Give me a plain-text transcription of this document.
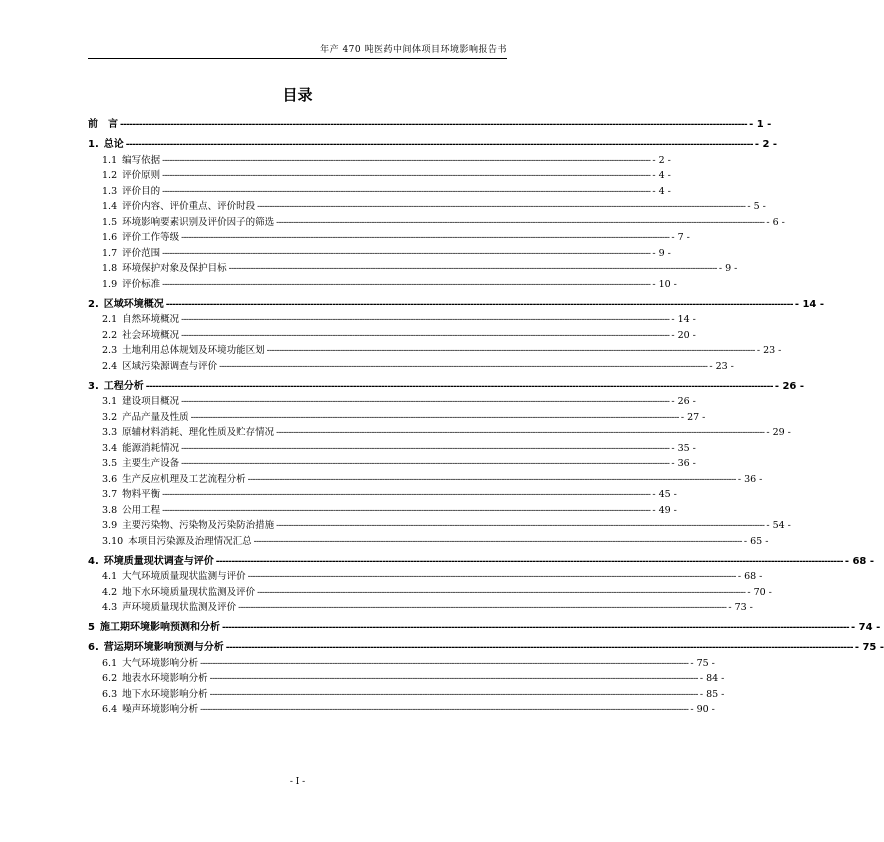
年产 470 吨医药中间体项目环境影响报告书
目录
前　言 -------------------------------------------------------------------------------------------------------------------------------------------------------------------------------------------------------- - 1 -
1. 总论 -------------------------------------------------------------------------------------------------------------------------------------------------------------------------------------------------------- - 2 -
1.1 编写依据 -------------------------------------------------------------------------------------------------------------------------------------------------------------------------------------------------------- - 2 -
1.2 评价原则 -------------------------------------------------------------------------------------------------------------------------------------------------------------------------------------------------------- - 4 -
1.3 评价目的 -------------------------------------------------------------------------------------------------------------------------------------------------------------------------------------------------------- - 4 -
1.4 评价内容、评价重点、评价时段 -------------------------------------------------------------------------------------------------------------------------------------------------------------------------------------------------------- - 5 -
1.5 环境影响要素识别及评价因子的筛选 -------------------------------------------------------------------------------------------------------------------------------------------------------------------------------------------------------- - 6 -
1.6 评价工作等级 -------------------------------------------------------------------------------------------------------------------------------------------------------------------------------------------------------- - 7 -
1.7 评价范围 -------------------------------------------------------------------------------------------------------------------------------------------------------------------------------------------------------- - 9 -
1.8 环境保护对象及保护目标 -------------------------------------------------------------------------------------------------------------------------------------------------------------------------------------------------------- - 9 -
1.9 评价标准 -------------------------------------------------------------------------------------------------------------------------------------------------------------------------------------------------------- - 10 -
2. 区域环境概况 -------------------------------------------------------------------------------------------------------------------------------------------------------------------------------------------------------- - 14 -
2.1 自然环境概况 -------------------------------------------------------------------------------------------------------------------------------------------------------------------------------------------------------- - 14 -
2.2 社会环境概况 -------------------------------------------------------------------------------------------------------------------------------------------------------------------------------------------------------- - 20 -
2.3 土地利用总体规划及环境功能区划 -------------------------------------------------------------------------------------------------------------------------------------------------------------------------------------------------------- - 23 -
2.4 区域污染源调查与评价 -------------------------------------------------------------------------------------------------------------------------------------------------------------------------------------------------------- - 23 -
3. 工程分析 -------------------------------------------------------------------------------------------------------------------------------------------------------------------------------------------------------- - 26 -
3.1 建设项目概况 -------------------------------------------------------------------------------------------------------------------------------------------------------------------------------------------------------- - 26 -
3.2 产品产量及性质 -------------------------------------------------------------------------------------------------------------------------------------------------------------------------------------------------------- - 27 -
3.3 原辅材料消耗、理化性质及贮存情况 -------------------------------------------------------------------------------------------------------------------------------------------------------------------------------------------------------- - 29 -
3.4 能源消耗情况 -------------------------------------------------------------------------------------------------------------------------------------------------------------------------------------------------------- - 35 -
3.5 主要生产设备 -------------------------------------------------------------------------------------------------------------------------------------------------------------------------------------------------------- - 36 -
3.6 生产反应机理及工艺流程分析 -------------------------------------------------------------------------------------------------------------------------------------------------------------------------------------------------------- - 36 -
3.7 物料平衡 -------------------------------------------------------------------------------------------------------------------------------------------------------------------------------------------------------- - 45 -
3.8 公用工程 -------------------------------------------------------------------------------------------------------------------------------------------------------------------------------------------------------- - 49 -
3.9 主要污染物、污染物及污染防治措施 -------------------------------------------------------------------------------------------------------------------------------------------------------------------------------------------------------- - 54 -
3.10 本项目污染源及治理情况汇总 -------------------------------------------------------------------------------------------------------------------------------------------------------------------------------------------------------- - 65 -
4. 环境质量现状调查与评价 -------------------------------------------------------------------------------------------------------------------------------------------------------------------------------------------------------- - 68 -
4.1 大气环境质量现状监测与评价 -------------------------------------------------------------------------------------------------------------------------------------------------------------------------------------------------------- - 68 -
4.2 地下水环境质量现状监测及评价 -------------------------------------------------------------------------------------------------------------------------------------------------------------------------------------------------------- - 70 -
4.3 声环境质量现状监测及评价 -------------------------------------------------------------------------------------------------------------------------------------------------------------------------------------------------------- - 73 -
5 施工期环境影响预测和分析 -------------------------------------------------------------------------------------------------------------------------------------------------------------------------------------------------------- - 74 -
6. 营运期环境影响预测与分析 -------------------------------------------------------------------------------------------------------------------------------------------------------------------------------------------------------- - 75 -
6.1 大气环境影响分析 -------------------------------------------------------------------------------------------------------------------------------------------------------------------------------------------------------- - 75 -
6.2 地表水环境影响分析 -------------------------------------------------------------------------------------------------------------------------------------------------------------------------------------------------------- - 84 -
6.3 地下水环境影响分析 -------------------------------------------------------------------------------------------------------------------------------------------------------------------------------------------------------- - 85 -
6.4 噪声环境影响分析 -------------------------------------------------------------------------------------------------------------------------------------------------------------------------------------------------------- - 90 -
- I -
